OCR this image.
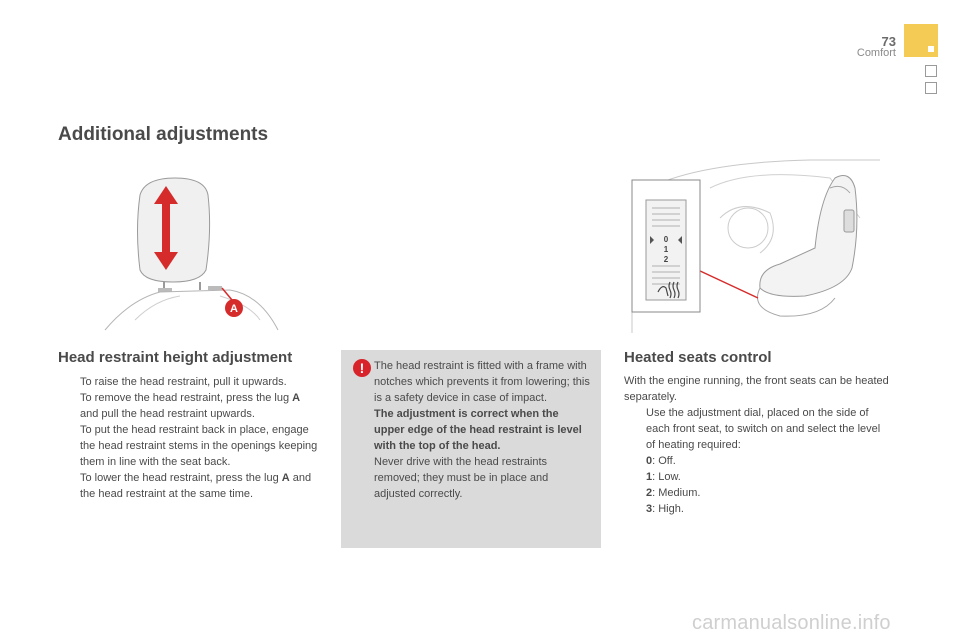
73
Comfort
Additional adjustments
A
0
1
2
Head restraint height adjustment
To raise the head restraint, pull it upwards.
To remove the head restraint, press the lug A and pull the head restraint upwards.
To put the head restraint back in place, engage the head restraint stems in the openings keeping them in line with the seat back.
To lower the head restraint, press the lug A and the head restraint at the same time.
! The head restraint is fitted with a frame with notches which prevents it from lowering; this is a safety device in case of impact.

The adjustment is correct when the upper edge of the head restraint is level with the top of the head.

Never drive with the head restraints removed; they must be in place and adjusted correctly.

Heated seats control
With the engine running, the front seats can be heated separately.
Use the adjustment dial, placed on the side of each front seat, to switch on and select the level of heating required:
0: Off.
1: Low.
2: Medium.
3: High.
carmanualsonline.info
